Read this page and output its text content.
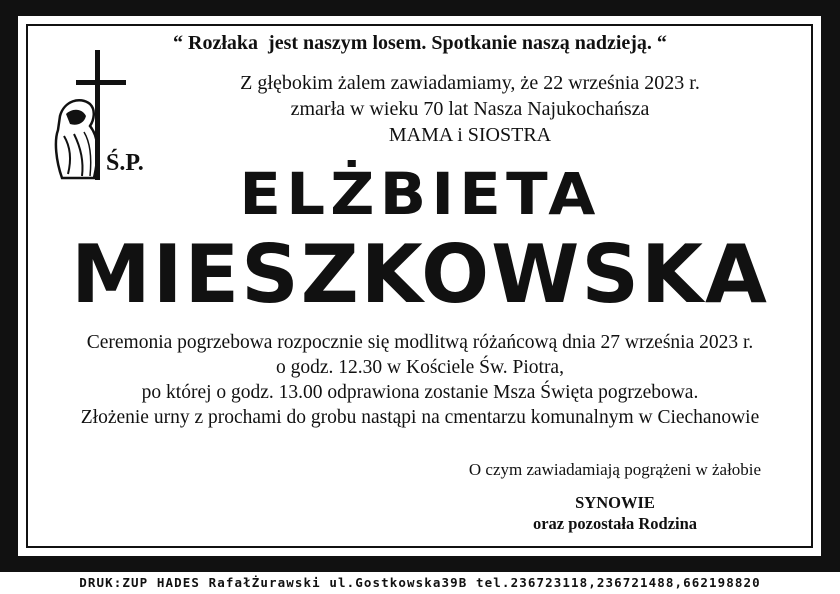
“ Rozłaka  jest naszym losem. Spotkanie naszą nadzieją. “
Ś.P.
Z głębokim żalem zawiadamiamy, że 22 września 2023 r.
zmarła w wieku 70 lat Nasza Najukochańsza
MAMA i SIOSTRA
ELŻBIETA
MIESZKOWSKA
Ceremonia pogrzebowa rozpocznie się modlitwą różańcową dnia 27 września 2023 r.
o godz. 12.30 w Kościele Św. Piotra,
po której o godz. 13.00 odprawiona zostanie Msza Święta pogrzebowa.
Złożenie urny z prochami do grobu nastąpi na cmentarzu komunalnym w Ciechanowie
O czym zawiadamiają pogrążeni w żałobie
SYNOWIE
oraz pozostała Rodzina
DRUK:ZUP HADES RafałŻurawski ul.Gostkowska39B tel.236723118,236721488,662198820
